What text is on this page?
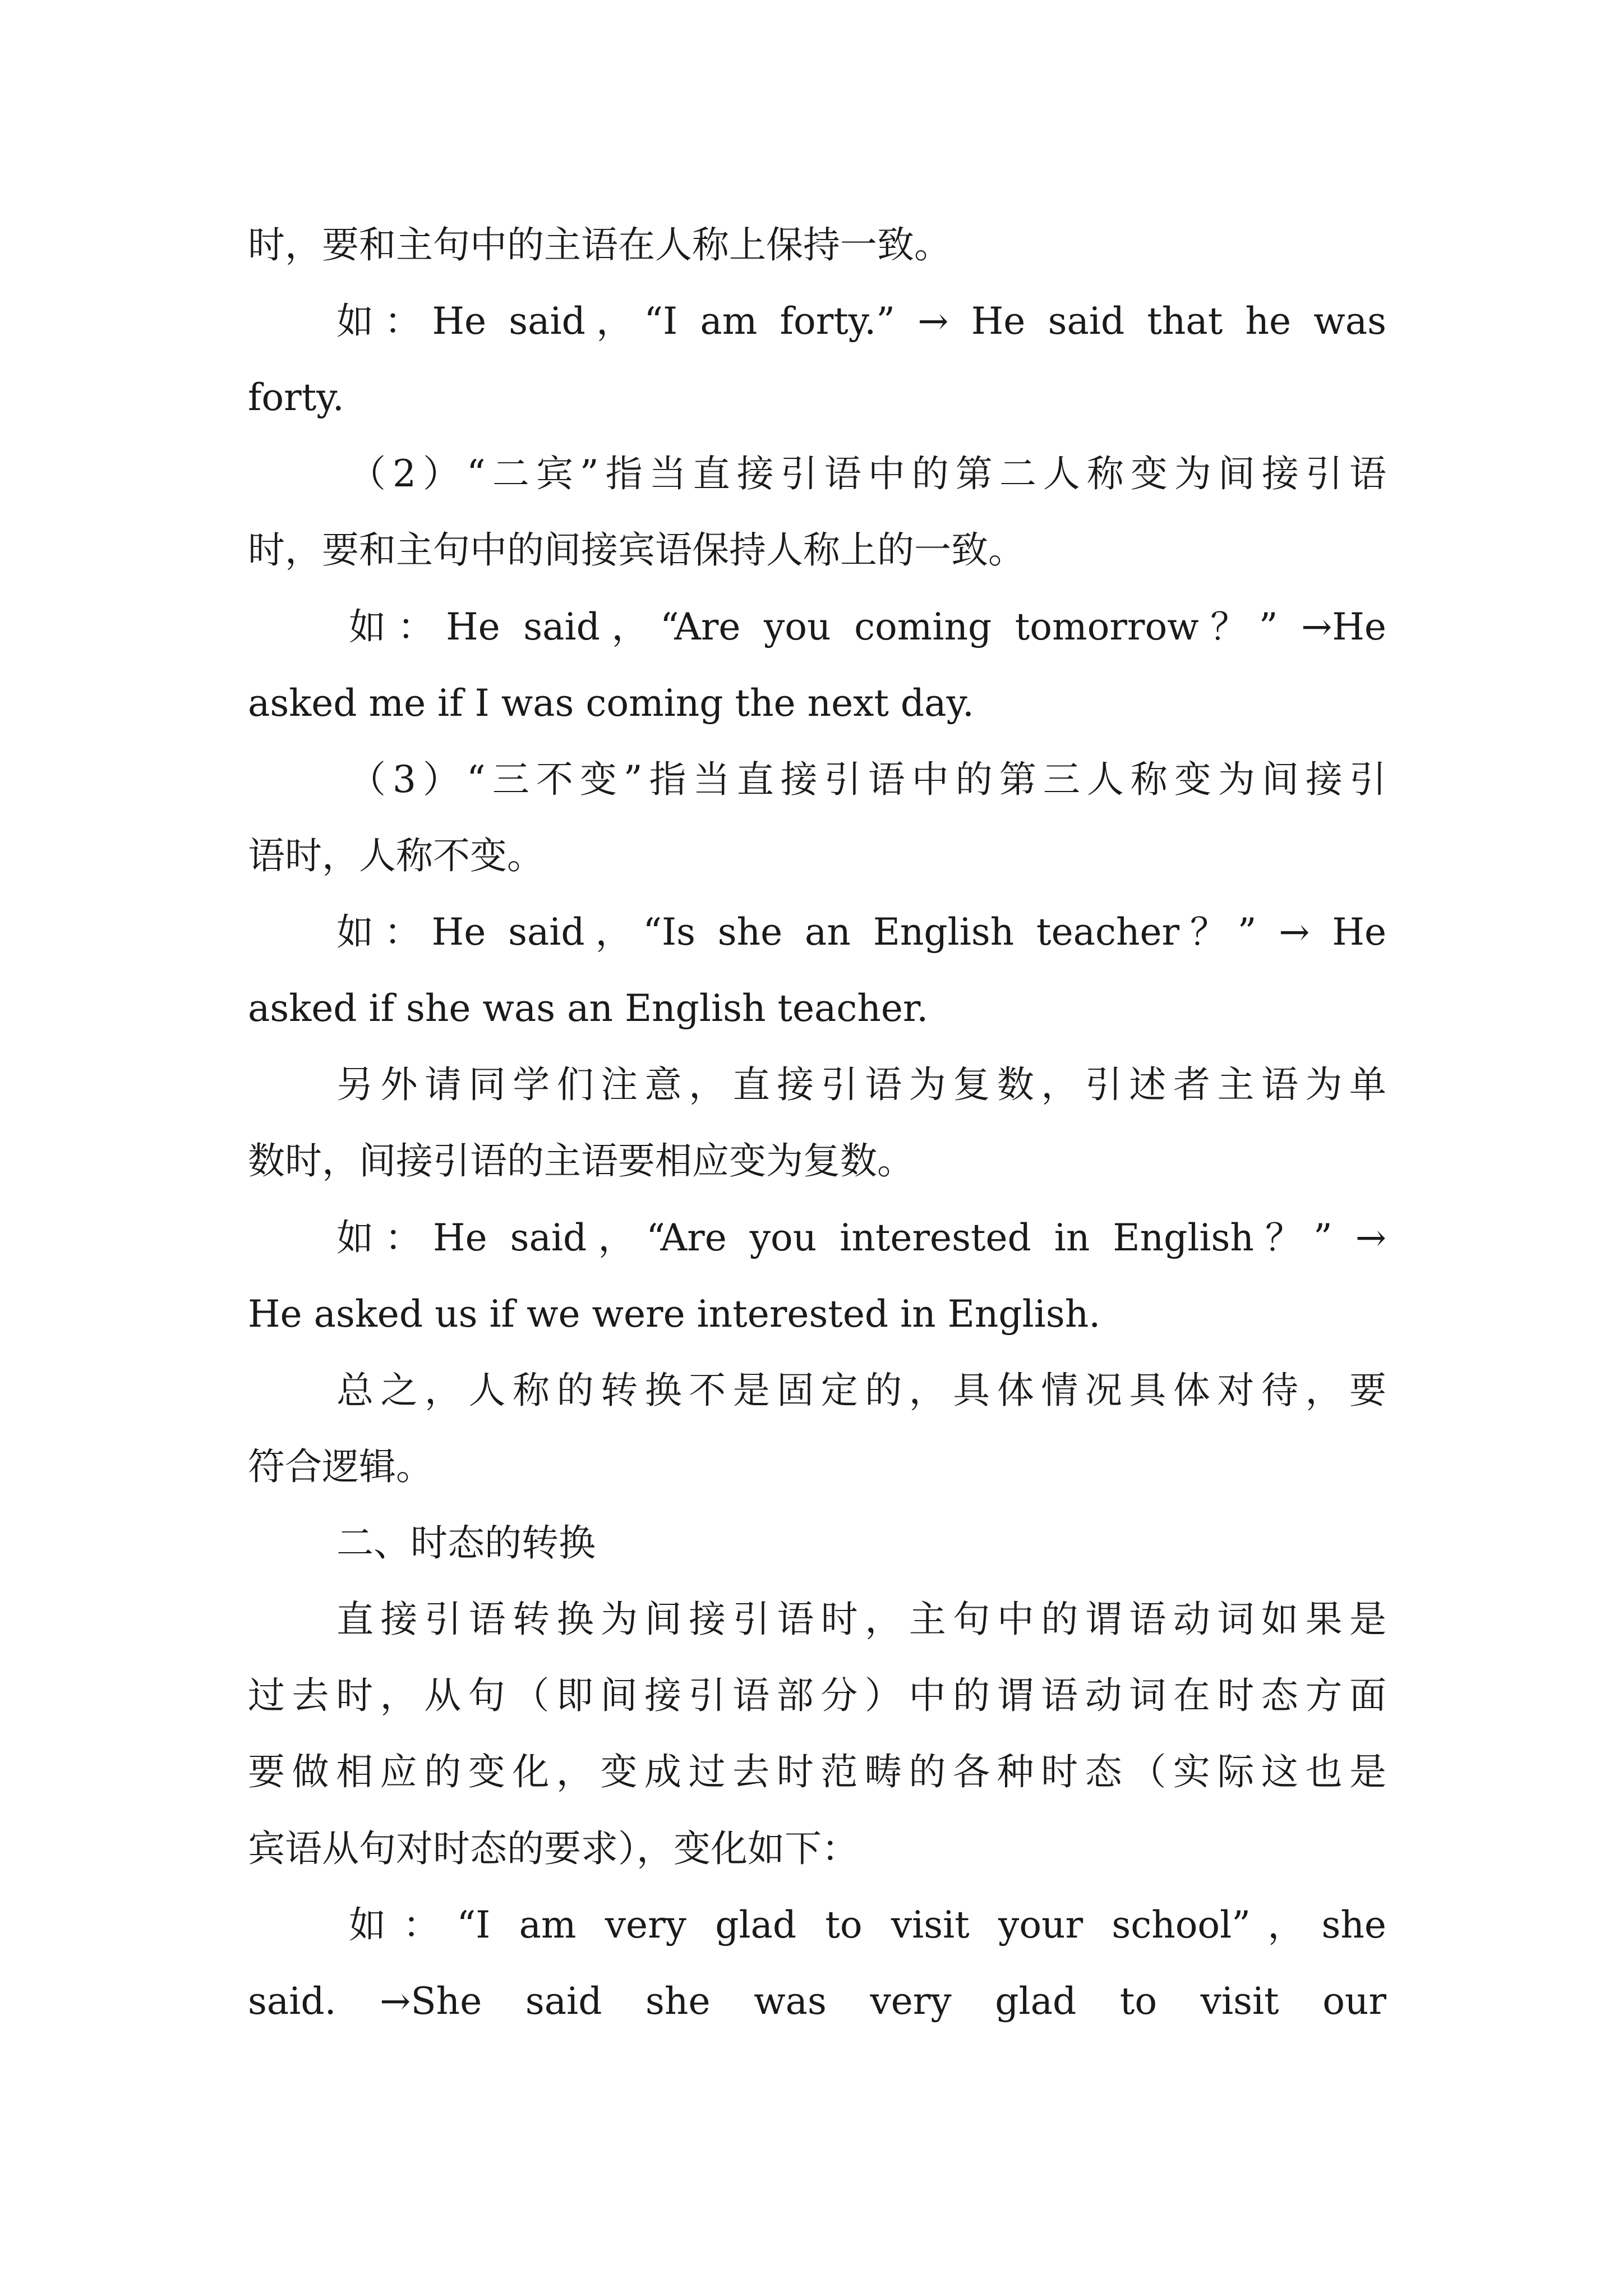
时，要和主句中的主语在人称上保持一致。

如：He said，“I am forty.” → He said that he was

forty.

（2）“二宾”指当直接引语中的第二人称变为间接引语

时，要和主句中的间接宾语保持人称上的一致。

如：He said，“Are you coming tomorrow？” →He

asked me if I was coming the next day.

（3）“三不变”指当直接引语中的第三人称变为间接引

语时，人称不变。

如：He said，“Is she an English teacher？” → He

asked if she was an English teacher.

另外请同学们注意，直接引语为复数，引述者主语为单

数时，间接引语的主语要相应变为复数。

如：He said，“Are you interested in English？” →

He asked us if we were interested in English.

总之，人称的转换不是固定的，具体情况具体对待，要

符合逻辑。

二、时态的转换

直接引语转换为间接引语时，主句中的谓语动词如果是

过去时，从句（即间接引语部分）中的谓语动词在时态方面

要做相应的变化，变成过去时范畴的各种时态（实际这也是

宾语从句对时态的要求），变化如下：

如：“I am very glad to visit your school”，she

said. →She said she was very glad to visit our
